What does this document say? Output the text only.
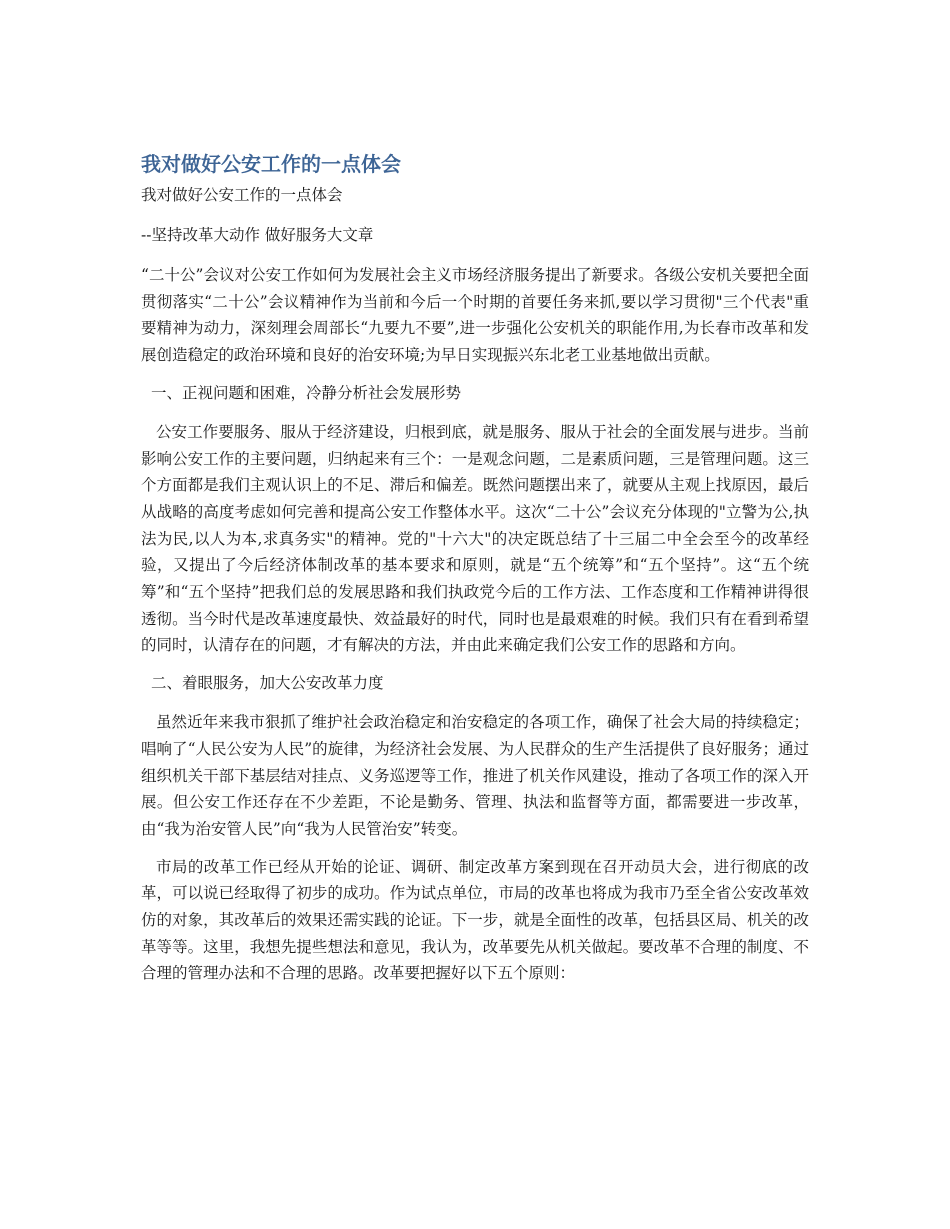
我对做好公安工作的一点体会

我对做好公安工作的一点体会

--坚持改革大动作 做好服务大文章

“二十公”会议对公安工作如何为发展社会主义市场经济服务提出了新要求。各级公安机关要把全面贯彻落实“二十公”会议精神作为当前和今后一个时期的首要任务来抓,要以学习贯彻"三个代表"重要精神为动力，深刻理会周部长“九要九不要”,进一步强化公安机关的职能作用,为长春市改革和发展创造稳定的政治环境和良好的治安环境;为早日实现振兴东北老工业基地做出贡献。

一、正视问题和困难，冷静分析社会发展形势

公安工作要服务、服从于经济建设，归根到底，就是服务、服从于社会的全面发展与进步。当前影响公安工作的主要问题，归纳起来有三个：一是观念问题，二是素质问题，三是管理问题。这三个方面都是我们主观认识上的不足、滞后和偏差。既然问题摆出来了，就要从主观上找原因，最后从战略的高度考虑如何完善和提高公安工作整体水平。这次“二十公”会议充分体现的"立警为公,执法为民,以人为本,求真务实"的精神。党的"十六大"的决定既总结了十三届二中全会至今的改革经验，又提出了今后经济体制改革的基本要求和原则，就是“五个统筹”和“五个坚持”。这“五个统筹”和“五个坚持”把我们总的发展思路和我们执政党今后的工作方法、工作态度和工作精神讲得很透彻。当今时代是改革速度最快、效益最好的时代，同时也是最艰难的时候。我们只有在看到希望的同时，认清存在的问题，才有解决的方法，并由此来确定我们公安工作的思路和方向。

二、着眼服务，加大公安改革力度

虽然近年来我市狠抓了维护社会政治稳定和治安稳定的各项工作，确保了社会大局的持续稳定；唱响了“人民公安为人民”的旋律，为经济社会发展、为人民群众的生产生活提供了良好服务；通过组织机关干部下基层结对挂点、义务巡逻等工作，推进了机关作风建设，推动了各项工作的深入开展。但公安工作还存在不少差距，不论是勤务、管理、执法和监督等方面，都需要进一步改革，由“我为治安管人民”向“我为人民管治安”转变。

市局的改革工作已经从开始的论证、调研、制定改革方案到现在召开动员大会，进行彻底的改革，可以说已经取得了初步的成功。作为试点单位，市局的改革也将成为我市乃至全省公安改革效仿的对象，其改革后的效果还需实践的论证。下一步，就是全面性的改革，包括县区局、机关的改革等等。这里，我想先提些想法和意见，我认为，改革要先从机关做起。要改革不合理的制度、不合理的管理办法和不合理的思路。改革要把握好以下五个原则：
